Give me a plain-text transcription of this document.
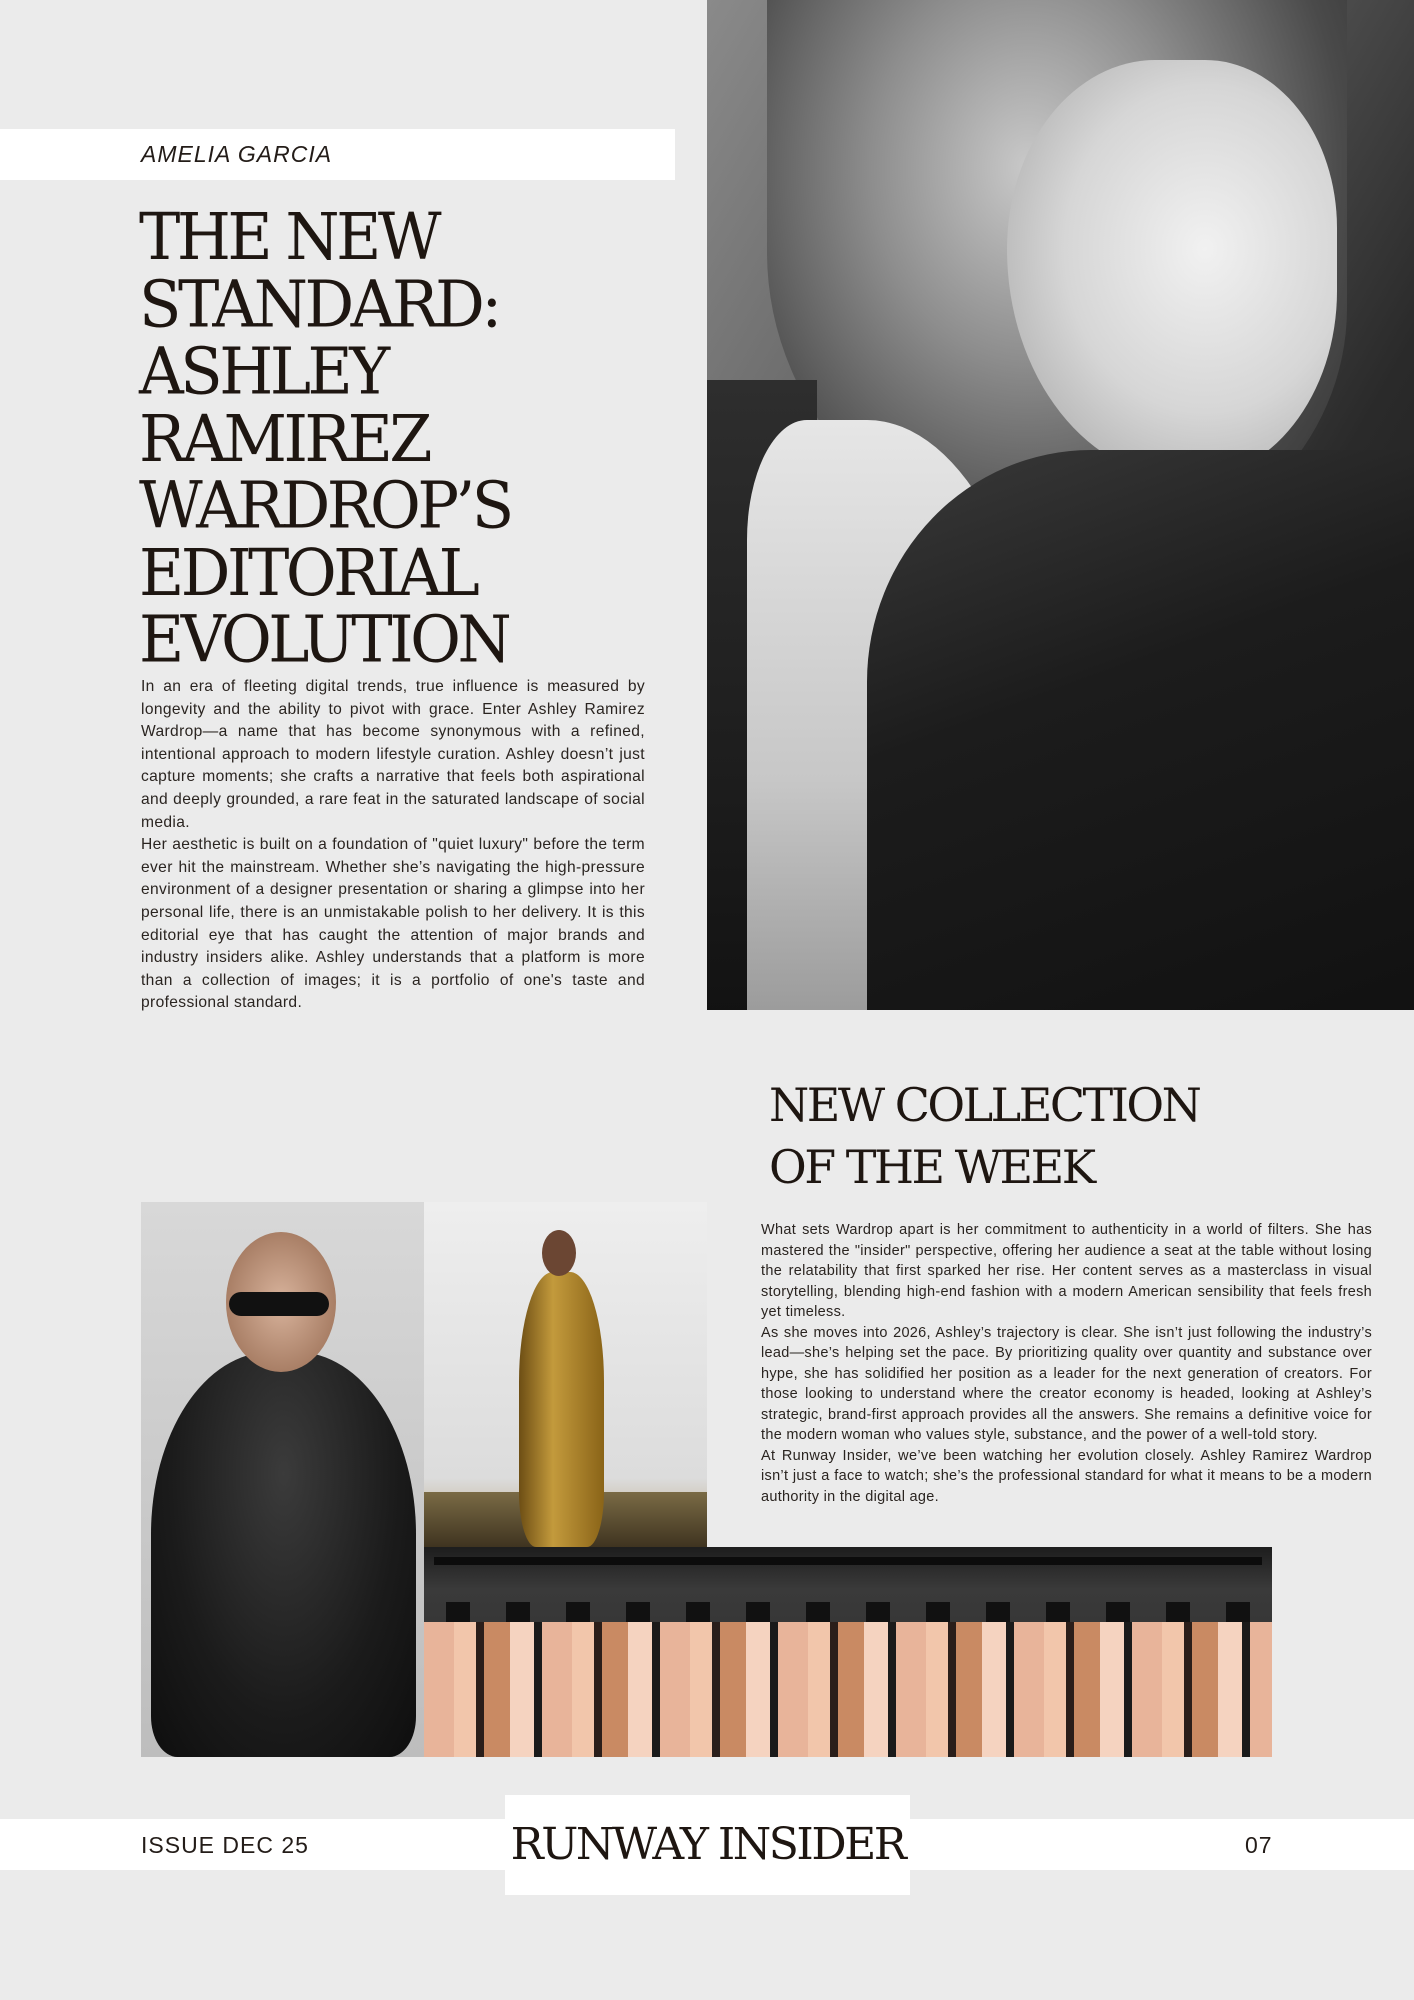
AMELIA GARCIA
THE NEW
STANDARD:
ASHLEY
RAMIREZ
WARDROP’S
EDITORIAL
EVOLUTION

In an era of fleeting digital trends, true influence is measured by longevity and the ability to pivot with grace. Enter Ashley Ramirez Wardrop—a name that has become synonymous with a refined, intentional approach to modern lifestyle curation. Ashley doesn’t just capture moments; she crafts a narrative that feels both aspirational and deeply grounded, a rare feat in the saturated landscape of social media.

Her aesthetic is built on a foundation of "quiet luxury" before the term ever hit the mainstream. Whether she’s navigating the high-pressure environment of a designer presentation or sharing a glimpse into her personal life, there is an unmistakable polish to her delivery. It is this editorial eye that has caught the attention of major brands and industry insiders alike. Ashley understands that a platform is more than a collection of images; it is a portfolio of one's taste and professional standard.

NEW COLLECTION
OF THE WEEK

What sets Wardrop apart is her commitment to authenticity in a world of filters. She has mastered the "insider" perspective, offering her audience a seat at the table without losing the relatability that first sparked her rise. Her content serves as a masterclass in visual storytelling, blending high-end fashion with a modern American sensibility that feels fresh yet timeless.

As she moves into 2026, Ashley’s trajectory is clear. She isn’t just following the industry’s lead—she’s helping set the pace. By prioritizing quality over quantity and substance over hype, she has solidified her position as a leader for the next generation of creators. For those looking to understand where the creator economy is headed, looking at Ashley’s strategic, brand-first approach provides all the answers. She remains a definitive voice for the modern woman who values style, substance, and the power of a well-told story.

At Runway Insider, we’ve been watching her evolution closely. Ashley Ramirez Wardrop isn’t just a face to watch; she’s the professional standard for what it means to be a modern authority in the digital age.

ISSUE DEC 25	RUNWAY INSIDER	07
